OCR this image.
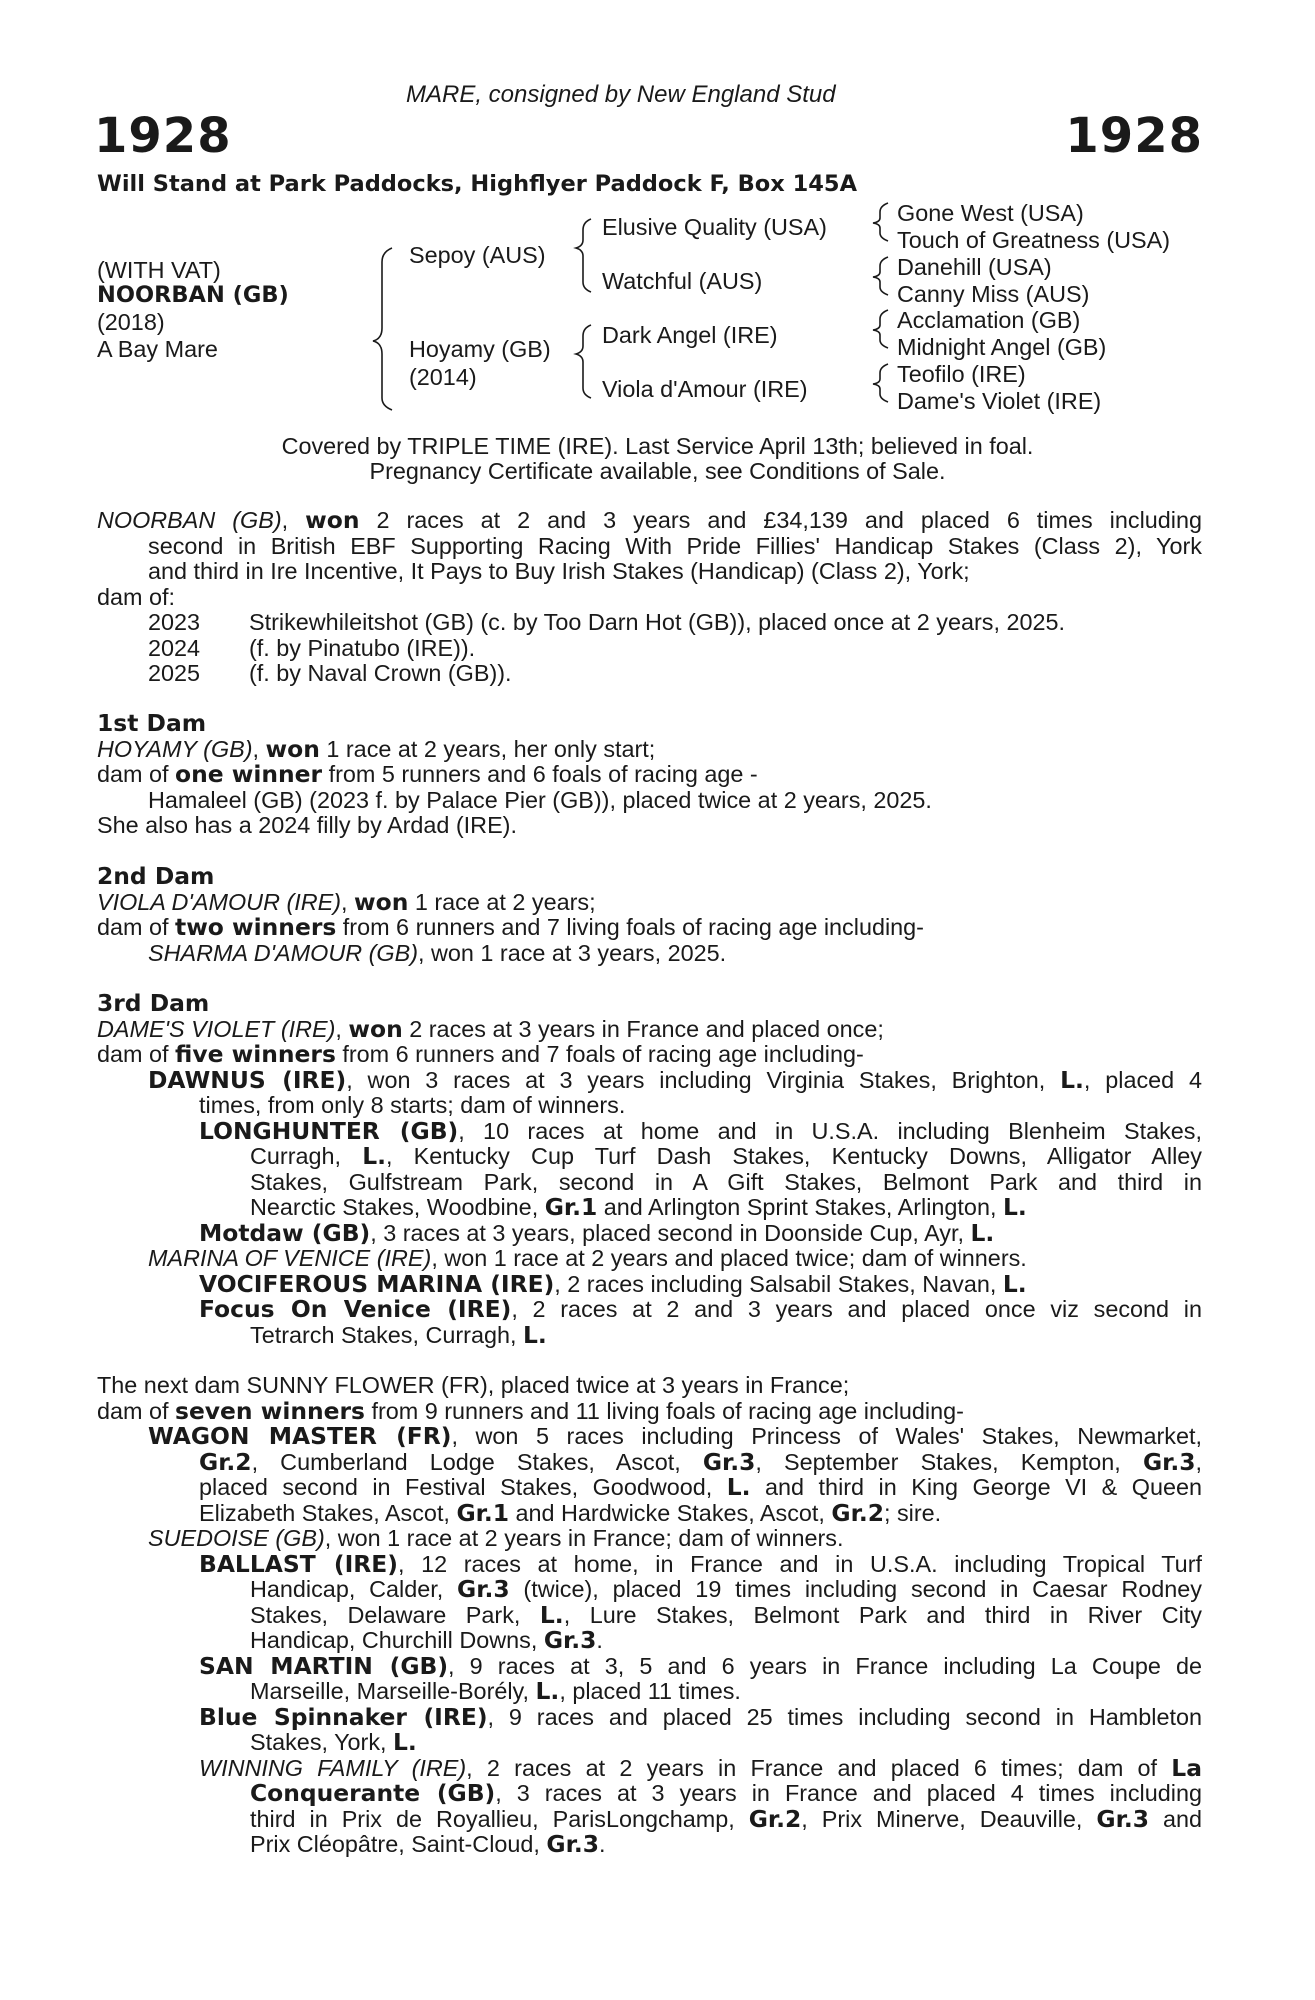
MARE, consigned by New England Stud
1928	1928
Will Stand at Park Paddocks, Highflyer Paddock F, Box 145A
(WITH VAT)
NOORBAN (GB)
(2018)
A Bay Mare
Sepoy (AUS)
Hoyamy (GB)
(2014)
Elusive Quality (USA)
Watchful (AUS)
Dark Angel (IRE)
Viola d'Amour (IRE)
Gone West (USA)
Touch of Greatness (USA)
Danehill (USA)
Canny Miss (AUS)
Acclamation (GB)
Midnight Angel (GB)
Teofilo (IRE)
Dame's Violet (IRE)
Covered by TRIPLE TIME (IRE). Last Service April 13th; believed in foal.
Pregnancy Certificate available, see Conditions of Sale.
NOORBAN (GB), won 2 races at 2 and 3 years and £34,139 and placed 6 times including
second in British EBF Supporting Racing With Pride Fillies' Handicap Stakes (Class 2), York
and third in Ire Incentive, It Pays to Buy Irish Stakes (Handicap) (Class 2), York;
dam of:
2023 Strikewhileitshot (GB) (c. by Too Darn Hot (GB)), placed once at 2 years, 2025.
2024 (f. by Pinatubo (IRE)).
2025 (f. by Naval Crown (GB)).
1st Dam
HOYAMY (GB), won 1 race at 2 years, her only start;
dam of one winner from 5 runners and 6 foals of racing age -
Hamaleel (GB) (2023 f. by Palace Pier (GB)), placed twice at 2 years, 2025.
She also has a 2024 filly by Ardad (IRE).
2nd Dam
VIOLA D'AMOUR (IRE), won 1 race at 2 years;
dam of two winners from 6 runners and 7 living foals of racing age including-
SHARMA D'AMOUR (GB), won 1 race at 3 years, 2025.
3rd Dam
DAME'S VIOLET (IRE), won 2 races at 3 years in France and placed once;
dam of five winners from 6 runners and 7 foals of racing age including-
DAWNUS (IRE), won 3 races at 3 years including Virginia Stakes, Brighton, L., placed 4
times, from only 8 starts; dam of winners.
LONGHUNTER (GB), 10 races at home and in U.S.A. including Blenheim Stakes,
Curragh, L., Kentucky Cup Turf Dash Stakes, Kentucky Downs, Alligator Alley
Stakes, Gulfstream Park, second in A Gift Stakes, Belmont Park and third in
Nearctic Stakes, Woodbine, Gr.1 and Arlington Sprint Stakes, Arlington, L.
Motdaw (GB), 3 races at 3 years, placed second in Doonside Cup, Ayr, L.
MARINA OF VENICE (IRE), won 1 race at 2 years and placed twice; dam of winners.
VOCIFEROUS MARINA (IRE), 2 races including Salsabil Stakes, Navan, L.
Focus On Venice (IRE), 2 races at 2 and 3 years and placed once viz second in
Tetrarch Stakes, Curragh, L.
The next dam SUNNY FLOWER (FR), placed twice at 3 years in France;
dam of seven winners from 9 runners and 11 living foals of racing age including-
WAGON MASTER (FR), won 5 races including Princess of Wales' Stakes, Newmarket,
Gr.2, Cumberland Lodge Stakes, Ascot, Gr.3, September Stakes, Kempton, Gr.3,
placed second in Festival Stakes, Goodwood, L. and third in King George VI & Queen
Elizabeth Stakes, Ascot, Gr.1 and Hardwicke Stakes, Ascot, Gr.2; sire.
SUEDOISE (GB), won 1 race at 2 years in France; dam of winners.
BALLAST (IRE), 12 races at home, in France and in U.S.A. including Tropical Turf
Handicap, Calder, Gr.3 (twice), placed 19 times including second in Caesar Rodney
Stakes, Delaware Park, L., Lure Stakes, Belmont Park and third in River City
Handicap, Churchill Downs, Gr.3.
SAN MARTIN (GB), 9 races at 3, 5 and 6 years in France including La Coupe de
Marseille, Marseille-Borély, L., placed 11 times.
Blue Spinnaker (IRE), 9 races and placed 25 times including second in Hambleton
Stakes, York, L.
WINNING FAMILY (IRE), 2 races at 2 years in France and placed 6 times; dam of La
Conquerante (GB), 3 races at 3 years in France and placed 4 times including
third in Prix de Royallieu, ParisLongchamp, Gr.2, Prix Minerve, Deauville, Gr.3 and
Prix Cléopâtre, Saint-Cloud, Gr.3.
